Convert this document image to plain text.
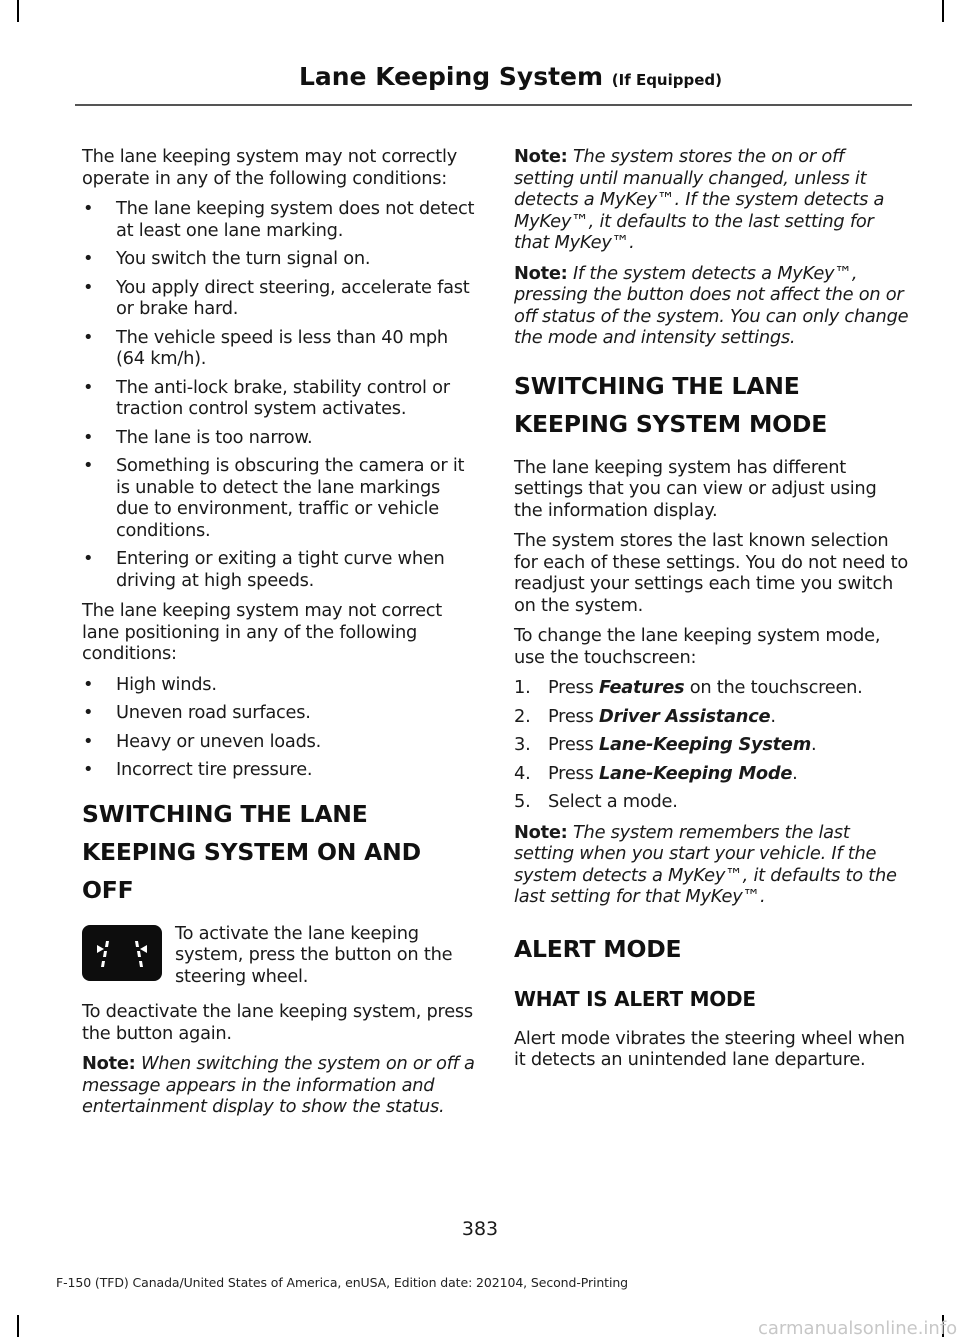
Lane Keeping System (If Equipped)

The lane keeping system may not correctly operate in any of the following conditions:

• The lane keeping system does not detect at least one lane marking.
• You switch the turn signal on.
• You apply direct steering, accelerate fast or brake hard.
• The vehicle speed is less than 40 mph (64 km/h).
• The anti-lock brake, stability control or traction control system activates.
• The lane is too narrow.
• Something is obscuring the camera or it is unable to detect the lane markings due to environment, traffic or vehicle conditions.
• Entering or exiting a tight curve when driving at high speeds.

The lane keeping system may not correct lane positioning in any of the following conditions:

• High winds.
• Uneven road surfaces.
• Heavy or uneven loads.
• Incorrect tire pressure.
SWITCHING THE LANE KEEPING SYSTEM ON AND OFF
To activate the lane keeping system, press the button on the steering wheel.

To deactivate the lane keeping system, press the button again.

Note: When switching the system on or off a message appears in the information and entertainment display to show the status.

Note: The system stores the on or off setting until manually changed, unless it detects a MyKey™. If the system detects a MyKey™, it defaults to the last setting for that MyKey™.

Note: If the system detects a MyKey™, pressing the button does not affect the on or off status of the system. You can only change the mode and intensity settings.

SWITCHING THE LANE KEEPING SYSTEM MODE

The lane keeping system has different settings that you can view or adjust using the information display.

The system stores the last known selection for each of these settings. You do not need to readjust your settings each time you switch on the system.

To change the lane keeping system mode, use the touchscreen:

1. Press Features on the touchscreen.
2. Press Driver Assistance.
3. Press Lane-Keeping System.
4. Press Lane-Keeping Mode.
5. Select a mode.

Note: The system remembers the last setting when you start your vehicle. If the system detects a MyKey™, it defaults to the last setting for that MyKey™.

ALERT MODE
WHAT IS ALERT MODE

Alert mode vibrates the steering wheel when it detects an unintended lane departure.

383
F-150 (TFD) Canada/United States of America, enUSA, Edition date: 202104, Second-Printing
carmanualsonline.info
